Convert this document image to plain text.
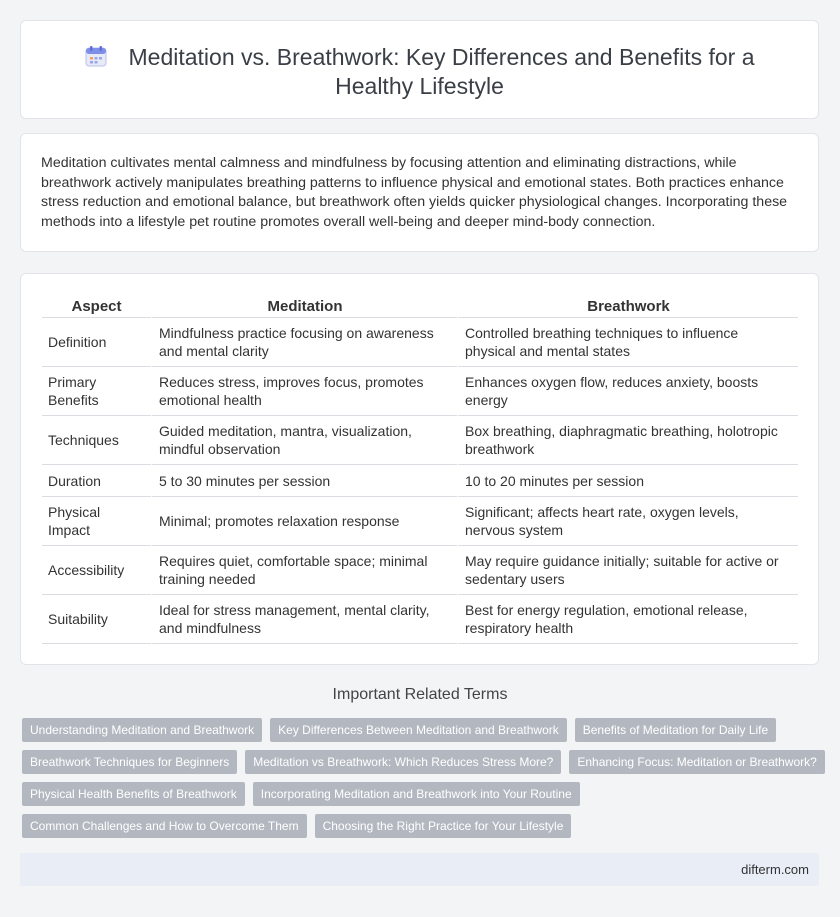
Meditation vs. Breathwork: Key Differences and Benefits for a Healthy Lifestyle

Meditation cultivates mental calmness and mindfulness by focusing attention and eliminating distractions, while breathwork actively manipulates breathing patterns to influence physical and emotional states. Both practices enhance stress reduction and emotional balance, but breathwork often yields quicker physiological changes. Incorporating these methods into a lifestyle pet routine promotes overall well-being and deeper mind-body connection.

Aspect	Meditation	Breathwork
Definition	Mindfulness practice focusing on awareness and mental clarity	Controlled breathing techniques to influence physical and mental states
Primary Benefits	Reduces stress, improves focus, promotes emotional health	Enhances oxygen flow, reduces anxiety, boosts energy
Techniques	Guided meditation, mantra, visualization, mindful observation	Box breathing, diaphragmatic breathing, holotropic breathwork
Duration	5 to 30 minutes per session	10 to 20 minutes per session
Physical Impact	Minimal; promotes relaxation response	Significant; affects heart rate, oxygen levels, nervous system
Accessibility	Requires quiet, comfortable space; minimal training needed	May require guidance initially; suitable for active or sedentary users
Suitability	Ideal for stress management, mental clarity, and mindfulness	Best for energy regulation, emotional release, respiratory health
Important Related Terms
Understanding Meditation and Breathwork	Key Differences Between Meditation and Breathwork	Benefits of Meditation for Daily Life
Breathwork Techniques for Beginners	Meditation vs Breathwork: Which Reduces Stress More?	Enhancing Focus: Meditation or Breathwork?
Physical Health Benefits of Breathwork	Incorporating Meditation and Breathwork into Your Routine
Common Challenges and How to Overcome Them	Choosing the Right Practice for Your Lifestyle
difterm.com
